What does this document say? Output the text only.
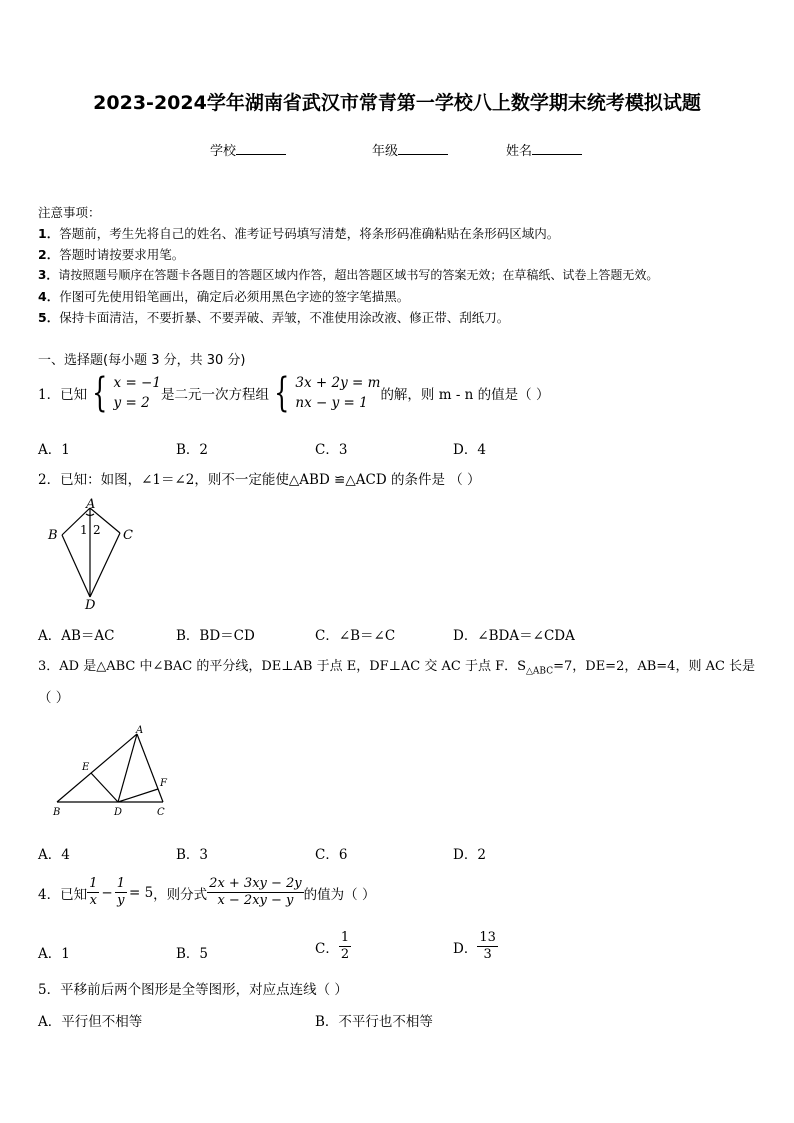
2023-2024学年湖南省武汉市常青第一学校八上数学期末统考模拟试题
学校	年级	姓名
注意事项：
1．答题前，考生先将自己的姓名、准考证号码填写清楚，将条形码准确粘贴在条形码区域内。
2．答题时请按要求用笔。
3．请按照题号顺序在答题卡各题目的答题区域内作答，超出答题区域书写的答案无效；在草稿纸、试卷上答题无效。
4．作图可先使用铅笔画出，确定后必须用黑色字迹的签字笔描黑。
5．保持卡面清洁，不要折暴、不要弄破、弄皱，不准使用涂改液、修正带、刮纸刀。
一、选择题(每小题 3 分，共 30 分)
1．已知 { x = −1
y = 2 是二元一次方程组 { 3x + 2y = m
nx − y = 1 的解，则 m - n 的值是（ ）
A．1	B．2	C．3	D．4
2．已知：如图，∠1＝∠2，则不一定能使△ABD ≌△ACD 的条件是 （ ）
A
B	C
D
1 2
A．AB＝AC	B．BD＝CD	C．∠B＝∠C	D．∠BDA＝∠CDA
3．AD 是△ABC 中∠BAC 的平分线，DE⊥AB 于点 E，DF⊥AC 交 AC 于点 F．$S_{\triangle ABC}=7$，DE=2，AB=4，则 AC 长是
（ ）
A
B	C
D
E
F
A．4	B．3	C．6	D．2
4．已知 $\frac{1}{x} - \frac{1}{y} = 5$ ，则分式 $\frac{2x + 3xy - 2y}{x - 2xy - y}$ 的值为（ ）
A．1	B．5	C． $\frac{1}{2}$	D． $\frac{13}{3}$
5．平移前后两个图形是全等图形，对应点连线（ ）
A．平行但不相等	B．不平行也不相等
